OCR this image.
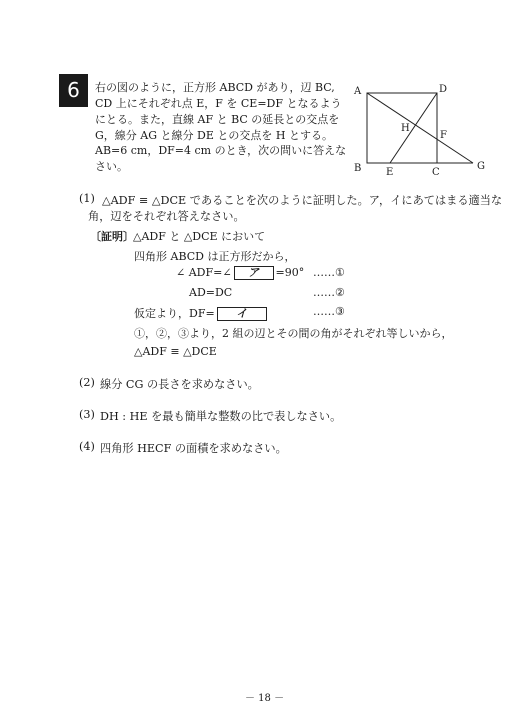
6	右の図のように，正方形 ABCD があり，辺 BC,
CD 上にそれぞれ点 E，F を CE=DF となるよう
にとる。また，直線 AF と BC の延長との交点を
G，線分 AG と線分 DE との交点を H とする。
AB=6 cm，DF=4 cm のとき，次の問いに答えな
さい。
A	D
B E	C
G
H
F
(1) △ADF ≡ △DCE であることを次のように証明した。ア，イにあてはまる適当な
角，辺をそれぞれ答えなさい。
〔証明〕 △ADF と △DCE において
四角形 ABCD は正方形だから，
∠ ADF=∠ ア =90° ……①
AD=DC	……②
仮定より，DF= イ	……③
①，②，③より，2 組の辺とその間の角がそれぞれ等しいから，
△ADF ≡ △DCE
(2) 線分 CG の長さを求めなさい。
(3) DH : HE を最も簡単な整数の比で表しなさい。
(4) 四角形 HECF の面積を求めなさい。
－ 18 －
